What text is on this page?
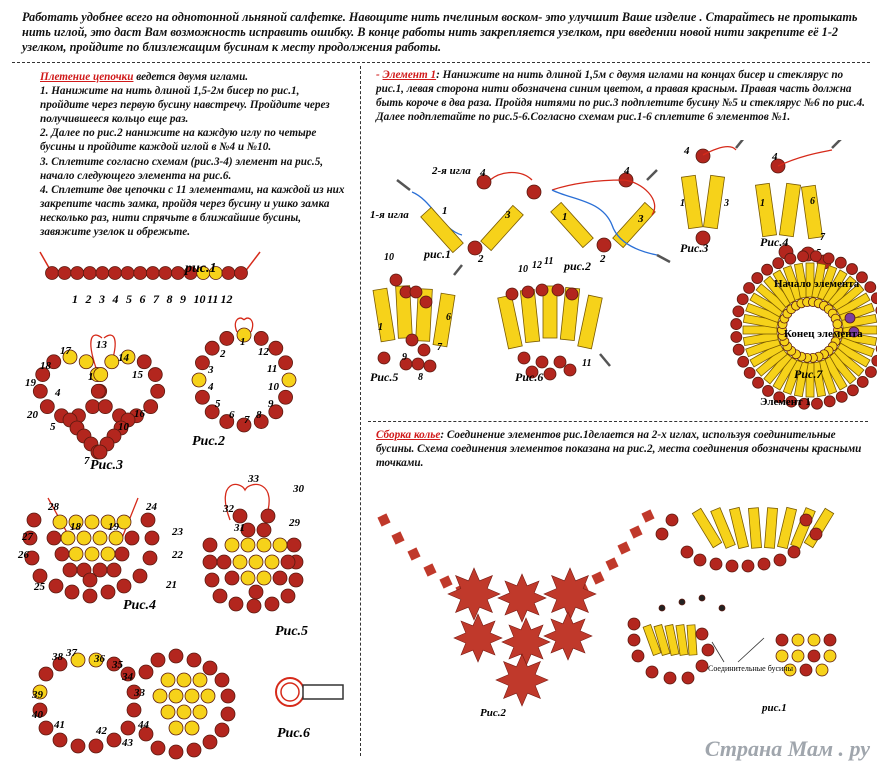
Работать удобнее всего на однотонной льняной салфетке. Навощите нить пчелиным воском- это улучшит Ваше изделие . Старайтесь не протыкать нить иглой, это даст Вам возможность исправить ошибку. В конце работы нить закрепляется узелком, при введении новой нити закрепите её 1-2 узелком, пройдите по близлежащим бусинам к месту продолжения работы.
Плетение цепочки ведется двумя иглами.
1. Нанижите на нить длиной 1,5-2м бисер по рис.1, пройдите через первую бусину навстречу. Пройдите через получившееся кольцо еще раз.
2. Далее по рис.2 нанижите на каждую иглу по четыре бусины и пройдите каждой иглой в №4 и №10.
3. Сплетите согласно схемам (рис.3-4) элемент на рис.5, начало следующего элемента на рис.6.
4. Сплетите две цепочки с 11 элементами, на каждой из них закрепите часть замка, пройдя через бусину и ушко замка несколько раз, нити спрячьте в ближайшие бусины, завяжите узелок и обрежьте.
рис.1
1 2 3 4 5 6 7 8 9 10 11 12
17
18
19
20
5
13
14
15
16
10
1
4
7 Рис.3
1
12
11
10
9
8
7
6
5
4
3
2
Рис.2
28
27
26
25
18 19
24
23
22
21
Рис.4
33
30
32
31	29
Рис.5
38 37 36 35
34
39
40
41	42
43
44
33
Рис.6
- Элемент 1: Нанижите на нить длиной 1,5м с двумя иглами на концах бисер и стеклярус по рис.1, левая сторона нити обозначена синим цветом, а правая красным. Правая часть должна быть короче в два раза. Пройдя нитями по рис.3 подплетите бусину №5 и стеклярус №6 по рис.4. Далее подплетайте по рис.5-6.Согласно схемам рис.1-6 сплетите 6 элементов №1.
4
2
1	3
4
1
2
3
4
1	3
4
1	6
7
10
1
6
7
8
9
10 12 11
11
1-я игла
2-я игла
рис.1
рис.2
Рис.3	Рис.4
Рис.5	Рис.6	Рис.7
Начало элемента
Конец элемента
Элемент 1
Сборка колье: Соединение элементов рис.1делается на 2-х иглах, используя соединительные бусины. Схема соединения элементов показана на рис.2, места соединения обозначены красными точками.
Рис.2	рис.1
Соединительные бусины
Страна Мам . ру
